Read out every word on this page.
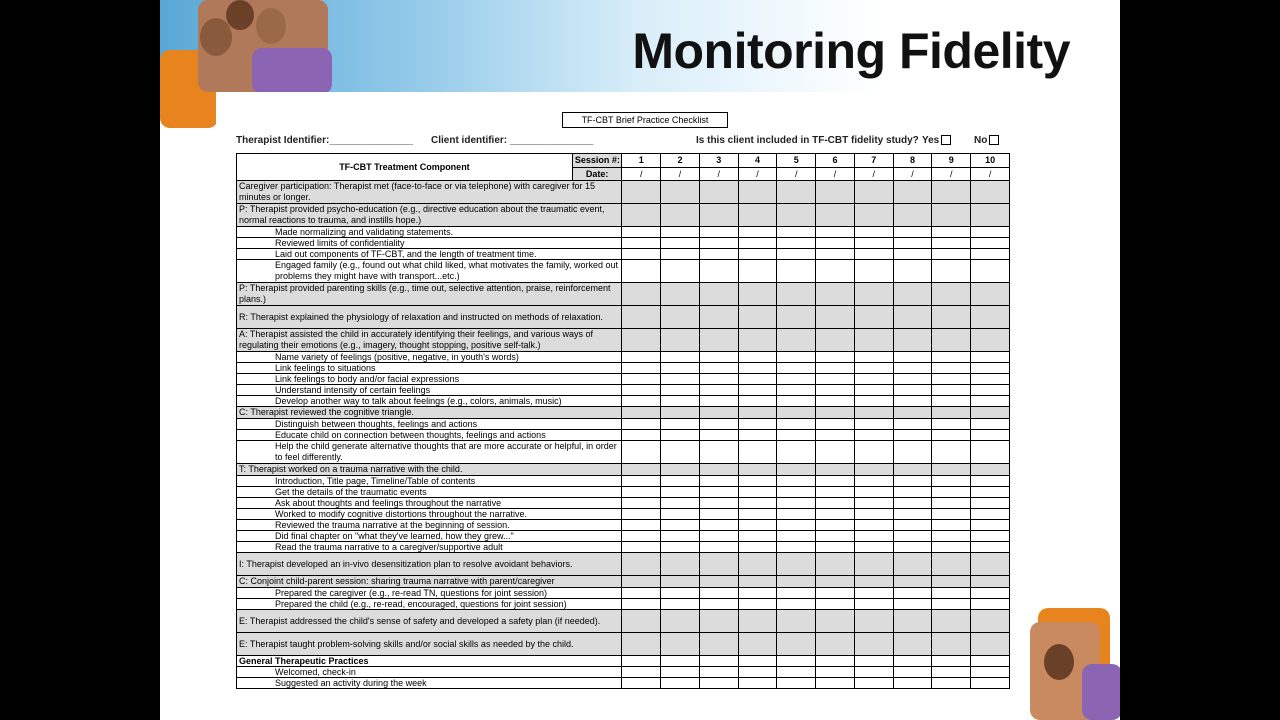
Monitoring Fidelity
TF-CBT Brief Practice Checklist
Therapist Identifier:_______________ Client identifier: _______________	Is this client included in TF-CBT fidelity study? Yes	No
TF-CBT Treatment Component	Session #:	1	2	3	4	5	6	7	8	9	10
	Date:	/	/	/	/	/	/	/	/	/	/
Caregiver participation: Therapist met (face-to-face or via telephone) with caregiver for 15 minutes or longer.											
P: Therapist provided psycho-education (e.g., directive education about the traumatic event, normal reactions to trauma, and instills hope.)											
Made normalizing and validating statements.											
Reviewed limits of confidentiality											
Laid out components of TF-CBT, and the length of treatment time.											
Engaged family (e.g., found out what child liked, what motivates the family, worked out problems they might have with transport...etc.)											
P: Therapist provided parenting skills (e.g., time out, selective attention, praise, reinforcement plans.)											
R: Therapist explained the physiology of relaxation and instructed on methods of relaxation.											
A: Therapist assisted the child in accurately identifying their feelings, and various ways of regulating their emotions (e.g., imagery, thought stopping, positive self-talk.)											
Name variety of feelings (positive, negative, in youth's words)											
Link feelings to situations											
Link feelings to body and/or facial expressions											
Understand intensity of certain feelings											
Develop another way to talk about feelings (e.g., colors, animals, music)											
C: Therapist reviewed the cognitive triangle.											
Distinguish between thoughts, feelings and actions											
Educate child on connection between thoughts, feelings and actions											
Help the child generate alternative thoughts that are more accurate or helpful, in order to feel differently.											
T: Therapist worked on a trauma narrative with the child.											
Introduction, Title page, Timeline/Table of contents											
Get the details of the traumatic events											
Ask about thoughts and feelings throughout the narrative											
Worked to modify cognitive distortions throughout the narrative.											
Reviewed the trauma narrative at the beginning of session.											
Did final chapter on "what they've learned, how they grew..."											
Read the trauma narrative to a caregiver/supportive adult											
I: Therapist developed an in-vivo desensitization plan to resolve avoidant behaviors.											
C: Conjoint child-parent session: sharing trauma narrative with parent/caregiver											
Prepared the caregiver (e.g., re-read TN, questions for joint session)											
Prepared the child (e.g., re-read, encouraged, questions for joint session)											
E: Therapist addressed the child's sense of safety and developed a safety plan (if needed).											
E: Therapist taught problem-solving skills and/or social skills as needed by the child.											
General Therapeutic Practices											
Welcomed, check-in											
Suggested an activity during the week											
